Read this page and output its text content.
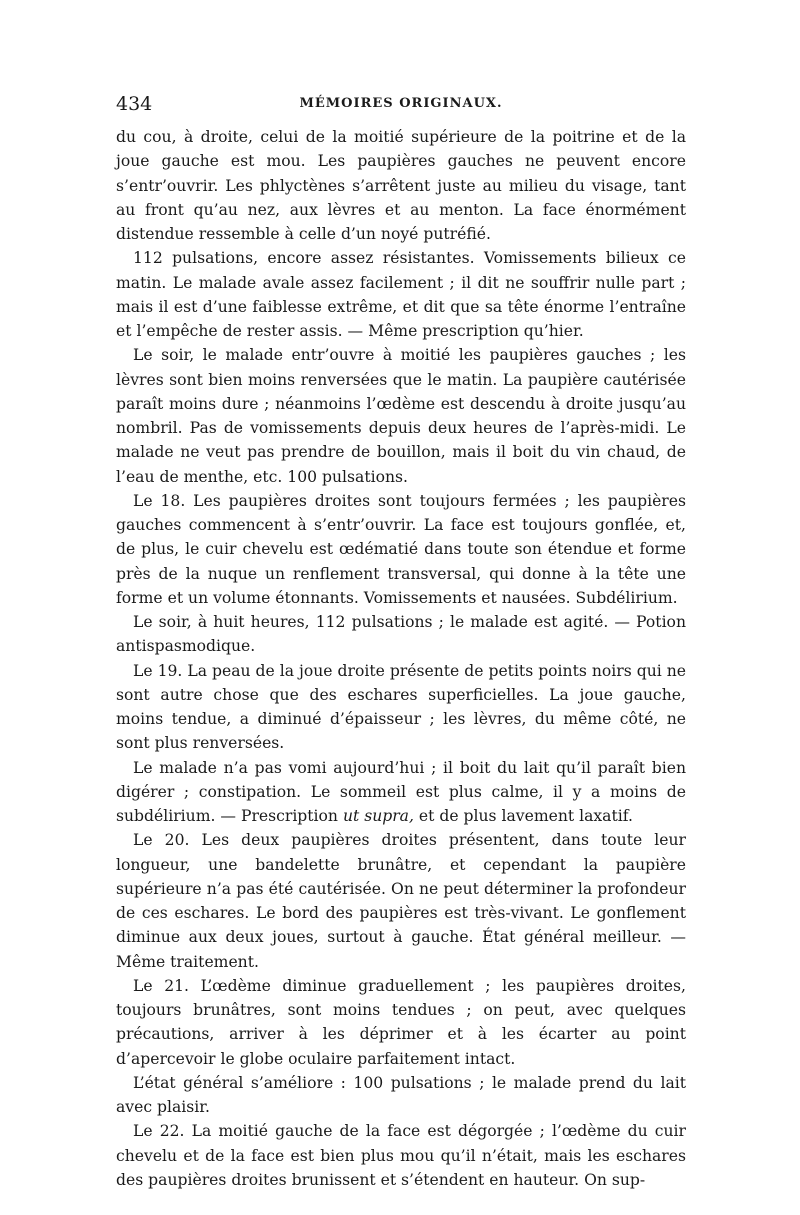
434	MÉMOIRES ORIGINAUX.

du cou, à droite, celui de la moitié supérieure de la poitrine et de la joue gauche est mou. Les paupières gauches ne peuvent encore s’entr’ouvrir. Les phlyctènes s’arrêtent juste au milieu du visage, tant au front qu’au nez, aux lèvres et au menton. La face énormément distendue ressemble à celle d’un noyé putréfié.

112 pulsations, encore assez résistantes. Vomissements bilieux ce matin. Le malade avale assez facilement ; il dit ne souffrir nulle part ; mais il est d’une faiblesse extrême, et dit que sa tête énorme l’entraîne et l’empêche de rester assis. — Même prescription qu’hier.

Le soir, le malade entr’ouvre à moitié les paupières gauches ; les lèvres sont bien moins renversées que le matin. La paupière cautérisée paraît moins dure ; néanmoins l’œdème est descendu à droite jusqu’au nombril. Pas de vomissements depuis deux heures de l’après-midi. Le malade ne veut pas prendre de bouillon, mais il boit du vin chaud, de l’eau de menthe, etc. 100 pulsations.

Le 18. Les paupières droites sont toujours fermées ; les paupières gauches commencent à s’entr’ouvrir. La face est toujours gonflée, et, de plus, le cuir chevelu est œdématié dans toute son étendue et forme près de la nuque un renflement transversal, qui donne à la tête une forme et un volume étonnants. Vomissements et nausées. Subdélirium.

Le soir, à huit heures, 112 pulsations ; le malade est agité. — Potion antispasmodique.

Le 19. La peau de la joue droite présente de petits points noirs qui ne sont autre chose que des eschares superficielles. La joue gauche, moins tendue, a diminué d’épaisseur ; les lèvres, du même côté, ne sont plus renversées.

Le malade n’a pas vomi aujourd’hui ; il boit du lait qu’il paraît bien digérer ; constipation. Le sommeil est plus calme, il y a moins de subdélirium. — Prescription ut supra, et de plus lavement laxatif.

Le 20. Les deux paupières droites présentent, dans toute leur longueur, une bandelette brunâtre, et cependant la paupière supérieure n’a pas été cautérisée. On ne peut déterminer la profondeur de ces eschares. Le bord des paupières est très-vivant. Le gonflement diminue aux deux joues, surtout à gauche. État général meilleur. — Même traitement.

Le 21. L’œdème diminue graduellement ; les paupières droites, toujours brunâtres, sont moins tendues ; on peut, avec quelques précautions, arriver à les déprimer et à les écarter au point d’apercevoir le globe oculaire parfaitement intact.

L’état général s’améliore : 100 pulsations ; le malade prend du lait avec plaisir.

Le 22. La moitié gauche de la face est dégorgée ; l’œdème du cuir chevelu et de la face est bien plus mou qu’il n’était, mais les eschares des paupières droites brunissent et s’étendent en hauteur. On sup-
